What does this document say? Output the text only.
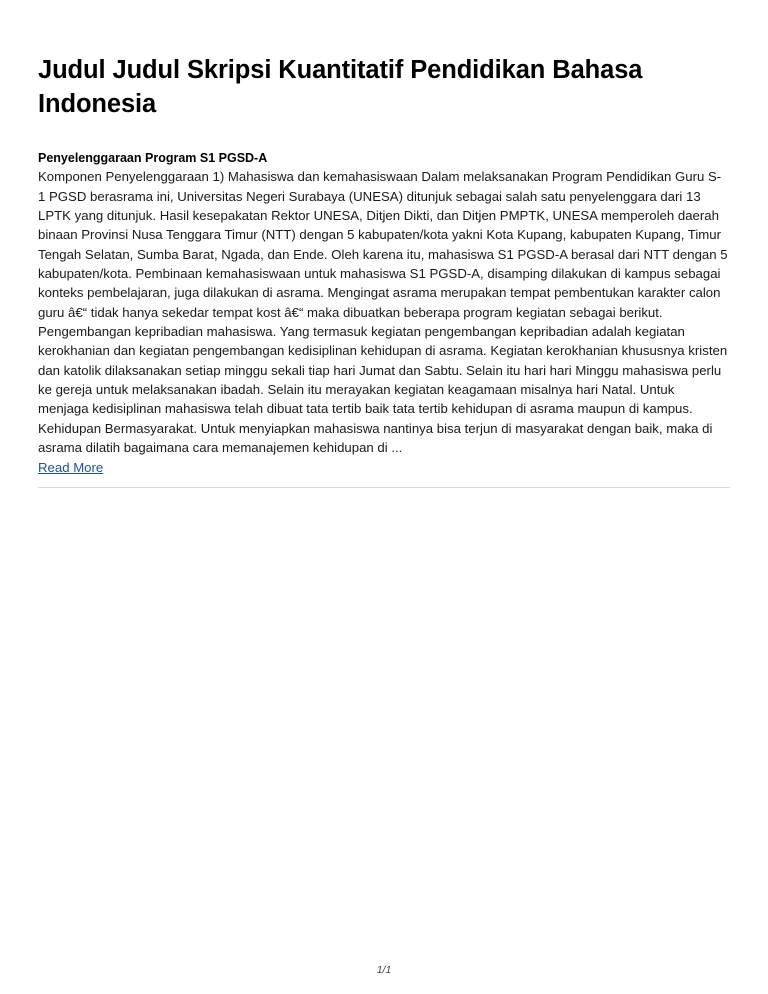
Judul Judul Skripsi Kuantitatif Pendidikan Bahasa Indonesia
Penyelenggaraan Program S1 PGSD-A

Komponen Penyelenggaraan 1) Mahasiswa dan kemahasiswaan Dalam melaksanakan Program Pendidikan Guru S-1 PGSD berasrama ini, Universitas Negeri Surabaya (UNESA) ditunjuk sebagai salah satu penyelenggara dari 13 LPTK yang ditunjuk. Hasil kesepakatan Rektor UNESA, Ditjen Dikti, dan Ditjen PMPTK, UNESA memperoleh daerah binaan Provinsi Nusa Tenggara Timur (NTT) dengan 5 kabupaten/kota yakni Kota Kupang, kabupaten Kupang, Timur Tengah Selatan, Sumba Barat, Ngada, dan Ende. Oleh karena itu, mahasiswa S1 PGSD-A berasal dari NTT dengan 5 kabupaten/kota. Pembinaan kemahasiswaan untuk mahasiswa S1 PGSD-A, disamping dilakukan di kampus sebagai konteks pembelajaran, juga dilakukan di asrama. Mengingat asrama merupakan tempat pembentukan karakter calon guru â€“ tidak hanya sekedar tempat kost â€“ maka dibuatkan beberapa program kegiatan sebagai berikut. Pengembangan kepribadian mahasiswa. Yang termasuk kegiatan pengembangan kepribadian adalah kegiatan kerokhanian dan kegiatan pengembangan kedisiplinan kehidupan di asrama. Kegiatan kerokhanian khususnya kristen dan katolik dilaksanakan setiap minggu sekali tiap hari Jumat dan Sabtu. Selain itu hari hari Minggu mahasiswa perlu ke gereja untuk melaksanakan ibadah. Selain itu merayakan kegiatan keagamaan misalnya hari Natal. Untuk menjaga kedisiplinan mahasiswa telah dibuat tata tertib baik tata tertib kehidupan di asrama maupun di kampus. Kehidupan Bermasyarakat. Untuk menyiapkan mahasiswa nantinya bisa terjun di masyarakat dengan baik, maka di asrama dilatih bagaimana cara memanajemen kehidupan di ...

Read More
1/1
